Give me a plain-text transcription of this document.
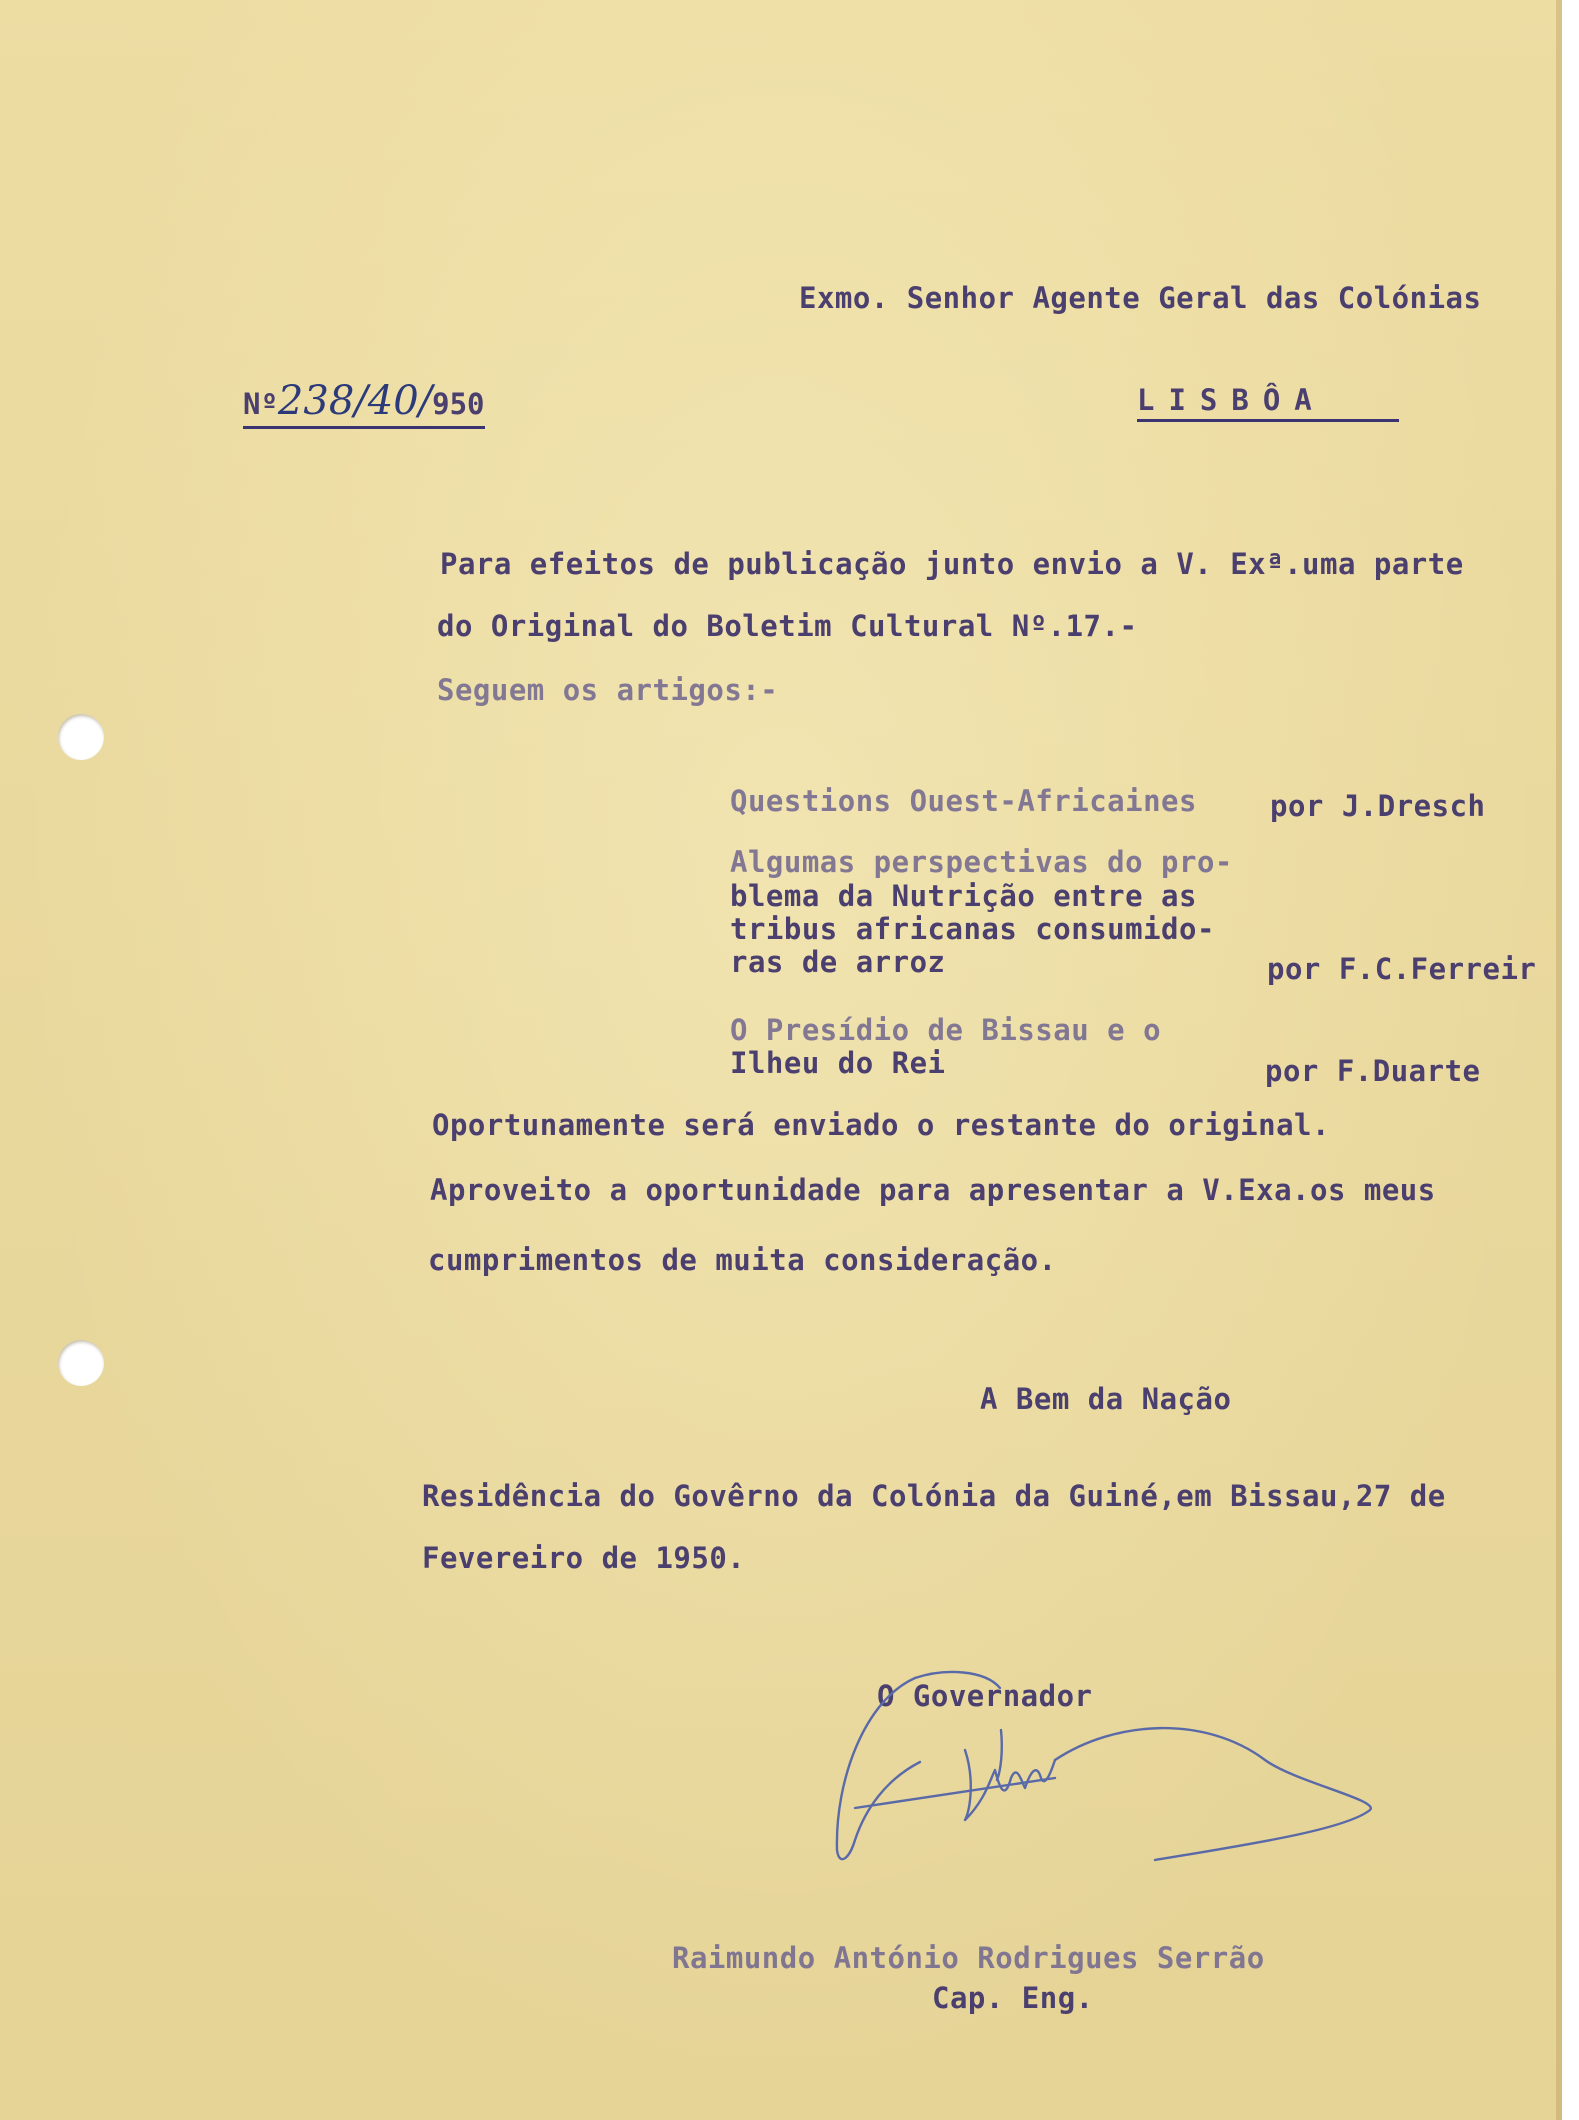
Exmo. Senhor Agente Geral das Colónias
Nº238/40/950	LISBÔA
Para efeitos de publicação junto envio a V. Exª.uma parte
do Original do Boletim Cultural Nº.17.-
Seguem os artigos:-
Questions Ouest-Africaines	por J.Dresch
Algumas perspectivas do pro-
blema da Nutrição entre as
tribus africanas consumido-
ras de arroz	por F.C.Ferreir
O Presídio de Bissau e o
Ilheu do Rei	por F.Duarte
Oportunamente será enviado o restante do original.
Aproveito a oportunidade para apresentar a V.Exa.os meus
cumprimentos de muita consideração.
A Bem da Nação
Residência do Govêrno da Colónia da Guiné,em Bissau,27 de
Fevereiro de 1950.
O Governador
Raimundo António Rodrigues Serrão
Cap. Eng.
